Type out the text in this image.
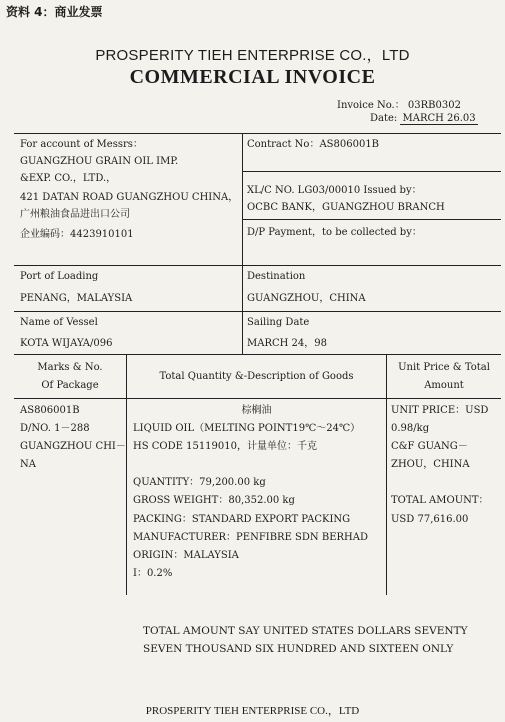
资料 4：商业发票
PROSPERITY TIEH ENTERPRISE CO.，LTD
COMMERCIAL INVOICE
Invoice No.： 03RB0302
Date: MARCH 26.03
For account of Messrs：
GUANGZHOU GRAIN OIL IMP.
&EXP. CO.，LTD.，
421 DATAN ROAD GUANGZHOU CHINA，
广州粮油食品进出口公司
企业编码：4423910101
Contract No：AS806001B
XL/C NO. LG03/00010 Issued by：
OCBC BANK，GUANGZHOU BRANCH
D/P Payment，to be collected by：
Port of Loading
PENANG，MALAYSIA
Destination
GUANGZHOU，CHINA
Name of Vessel
KOTA WIJAYA/096
Sailing Date
MARCH 24，98
Marks & No.
Of Package
Total Quantity &-Description of Goods
Unit Price & Total
Amount
AS806001B
D/NO. 1－288
GUANGZHOU CHI－
NA
棕榈油
LIQUID OIL（MELTING POINT19℃～24℃）
HS CODE 15119010，计量单位：千克
QUANTITY：79,200.00 kg
GROSS WEIGHT：80,352.00 kg
PACKING：STANDARD EXPORT PACKING
MANUFACTURER：PENFIBRE SDN BERHAD
ORIGIN：MALAYSIA
I：0.2%
UNIT PRICE：USD
0.98/kg
C&F GUANG－
ZHOU，CHINA
TOTAL AMOUNT：
USD 77,616.00
TOTAL AMOUNT SAY UNITED STATES DOLLARS SEVENTY
SEVEN THOUSAND SIX HUNDRED AND SIXTEEN ONLY
PROSPERITY TIEH ENTERPRISE CO.，LTD
